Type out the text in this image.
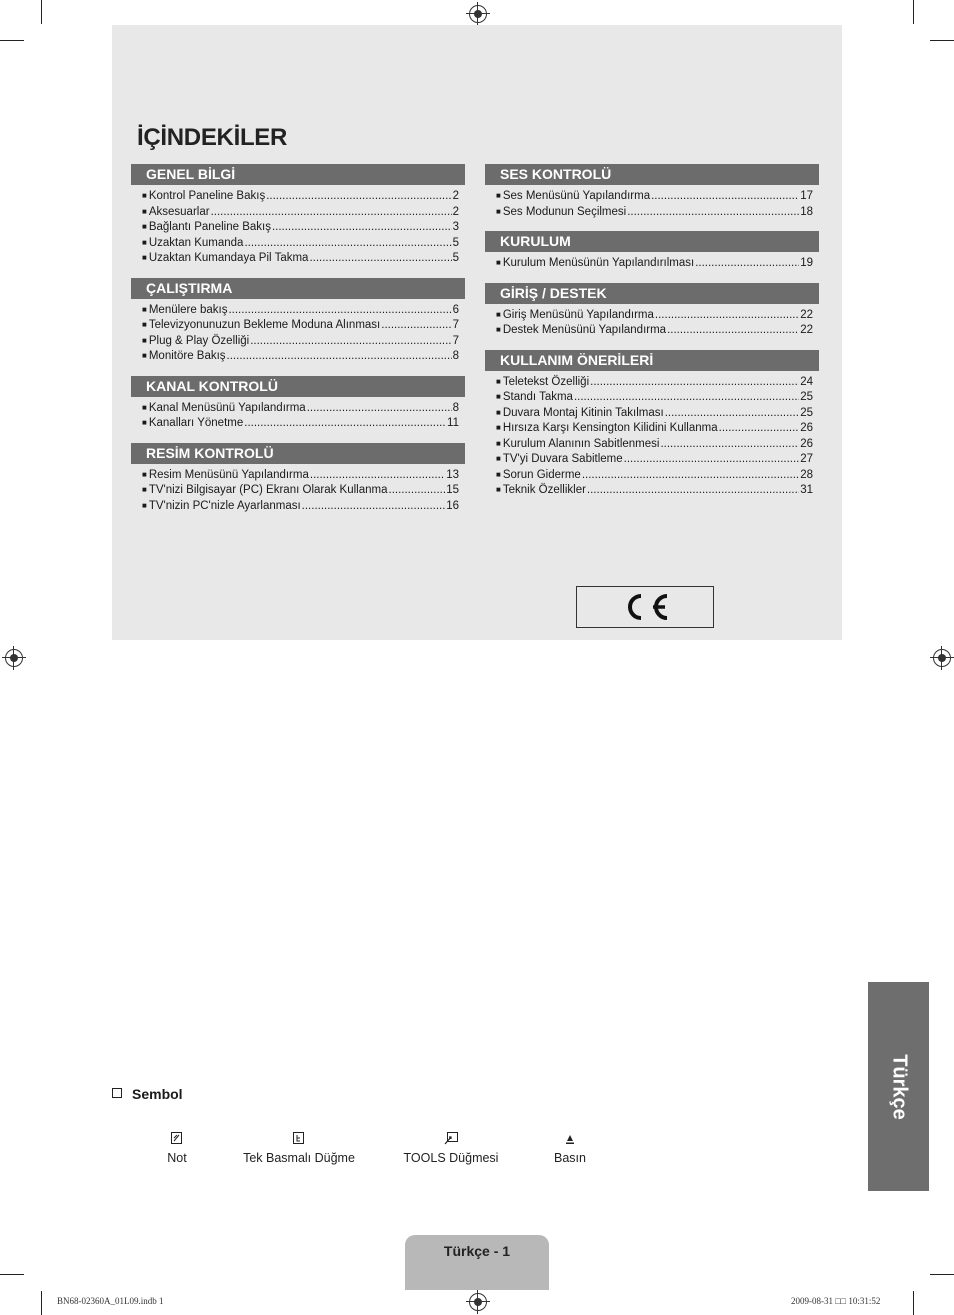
İÇİNDEKİLER
GENEL BİLGİ
■ Kontrol Paneline Bakış .....	2
■ Aksesuarlar .....	2
■ Bağlantı Paneline Bakış .....	3
■ Uzaktan Kumanda .....	5
■ Uzaktan Kumandaya Pil Takma .....	5
ÇALIŞTIRMA
■ Menülere bakış .....	6
■ Televizyonunuzun Bekleme Moduna Alınması .....	7
■ Plug & Play Özelliği .....	7
■ Monitöre Bakış .....	8
KANAL KONTROLÜ
■ Kanal Menüsünü Yapılandırma .....	8
■ Kanalları Yönetme .....	11
RESİM KONTROLÜ
■ Resim Menüsünü Yapılandırma .....	13
■ TV'nizi Bilgisayar (PC) Ekranı Olarak Kullanma .....	15
■ TV'nizin PC'nizle Ayarlanması .....	16
SES KONTROLÜ
■ Ses Menüsünü Yapılandırma .....	17
■ Ses Modunun Seçilmesi .....	18
KURULUM
■ Kurulum Menüsünün Yapılandırılması .....	19
GİRİŞ / DESTEK
■ Giriş Menüsünü Yapılandırma .....	22
■ Destek Menüsünü Yapılandırma .....	22
KULLANIM ÖNERİLERİ
■ Teletekst Özelliği .....	24
■ Standı Takma .....	25
■ Duvara Montaj Kitinin Takılması .....	25
■ Hırsıza Karşı Kensington Kilidini Kullanma .....	26
■ Kurulum Alanının Sabitlenmesi .....	26
■ TV'yi Duvara Sabitleme .....	27
■ Sorun Giderme .....	28
■ Teknik Özellikler .....	31
Sembol
Not	Tek Basmalı Düğme	TOOLS Düğmesi	Basın
Türkçe
Türkçe - 1
BN68-02360A_01L09.indb 1	2009-08-31 □□ 10:31:52
